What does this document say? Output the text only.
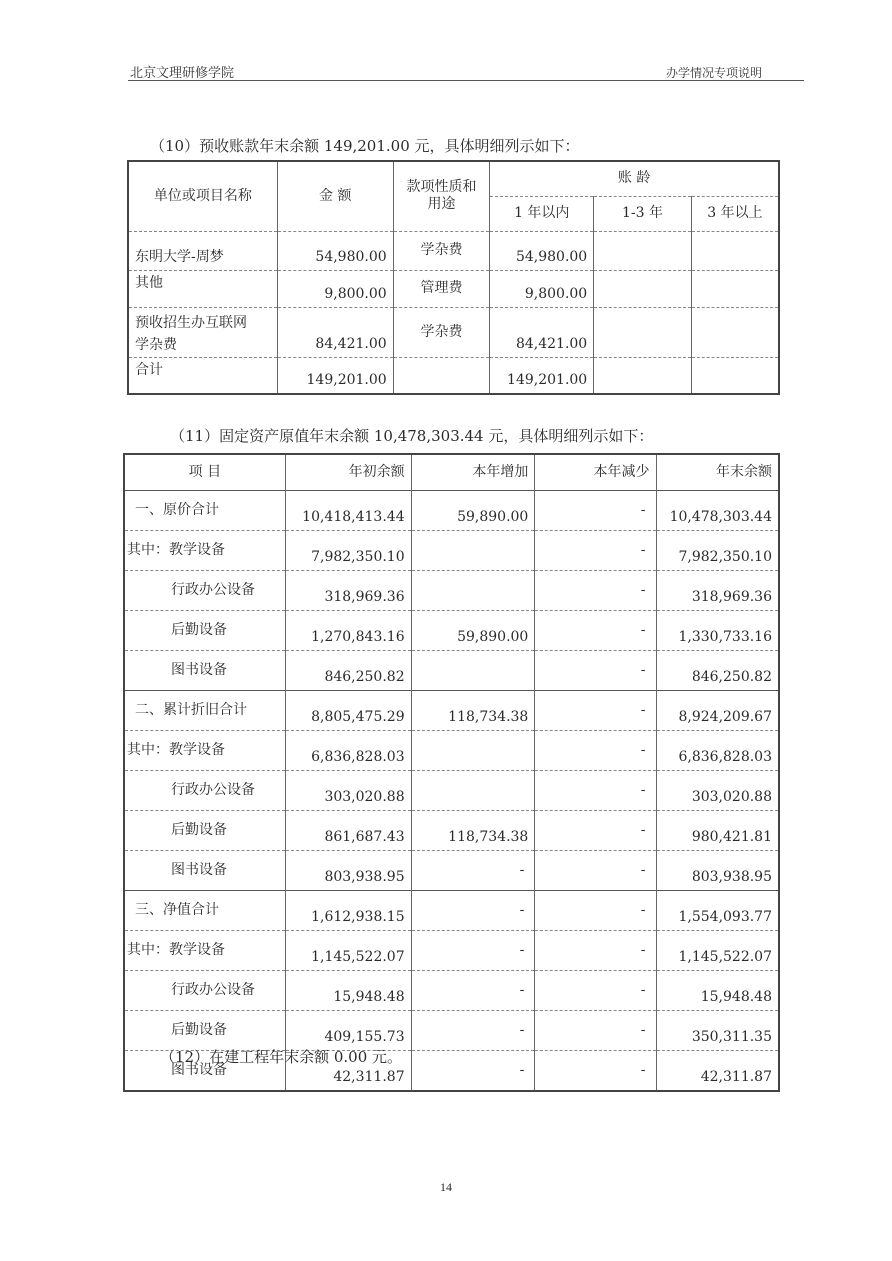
北京文理研修学院	办学情况专项说明
（10）预收账款年末余额 149,201.00 元，具体明细列示如下：
单位或项目名称	金 额	款项性质和	账 龄		
		用途	1 年以内	1-3 年	3 年以上
东明大学-周梦	54,980.00	学杂费	54,980.00		
其他	9,800.00	管理费	9,800.00		

预收招生办互联网
学杂费	84,421.00	学杂费	84,421.00		
合计	149,201.00		149,201.00		
（11）固定资产原值年末余额 10,478,303.44 元，具体明细列示如下：
项 目	年初余额	本年增加	本年减少	年末余额
一、原价合计	10,418,413.44	59,890.00	-	10,478,303.44
其中：教学设备	7,982,350.10		-	7,982,350.10
行政办公设备	318,969.36		-	318,969.36
后勤设备	1,270,843.16	59,890.00	-	1,330,733.16
图书设备	846,250.82		-	846,250.82
二、累计折旧合计	8,805,475.29	118,734.38	-	8,924,209.67
其中：教学设备	6,836,828.03		-	6,836,828.03
行政办公设备	303,020.88		-	303,020.88
后勤设备	861,687.43	118,734.38	-	980,421.81
图书设备	803,938.95	-	-	803,938.95
三、净值合计	1,612,938.15	-	-	1,554,093.77
其中：教学设备	1,145,522.07	-	-	1,145,522.07
行政办公设备	15,948.48	-	-	15,948.48
后勤设备	409,155.73	-	-	350,311.35
图书设备	42,311.87	-	-	42,311.87
（12）在建工程年末余额 0.00 元。
14
